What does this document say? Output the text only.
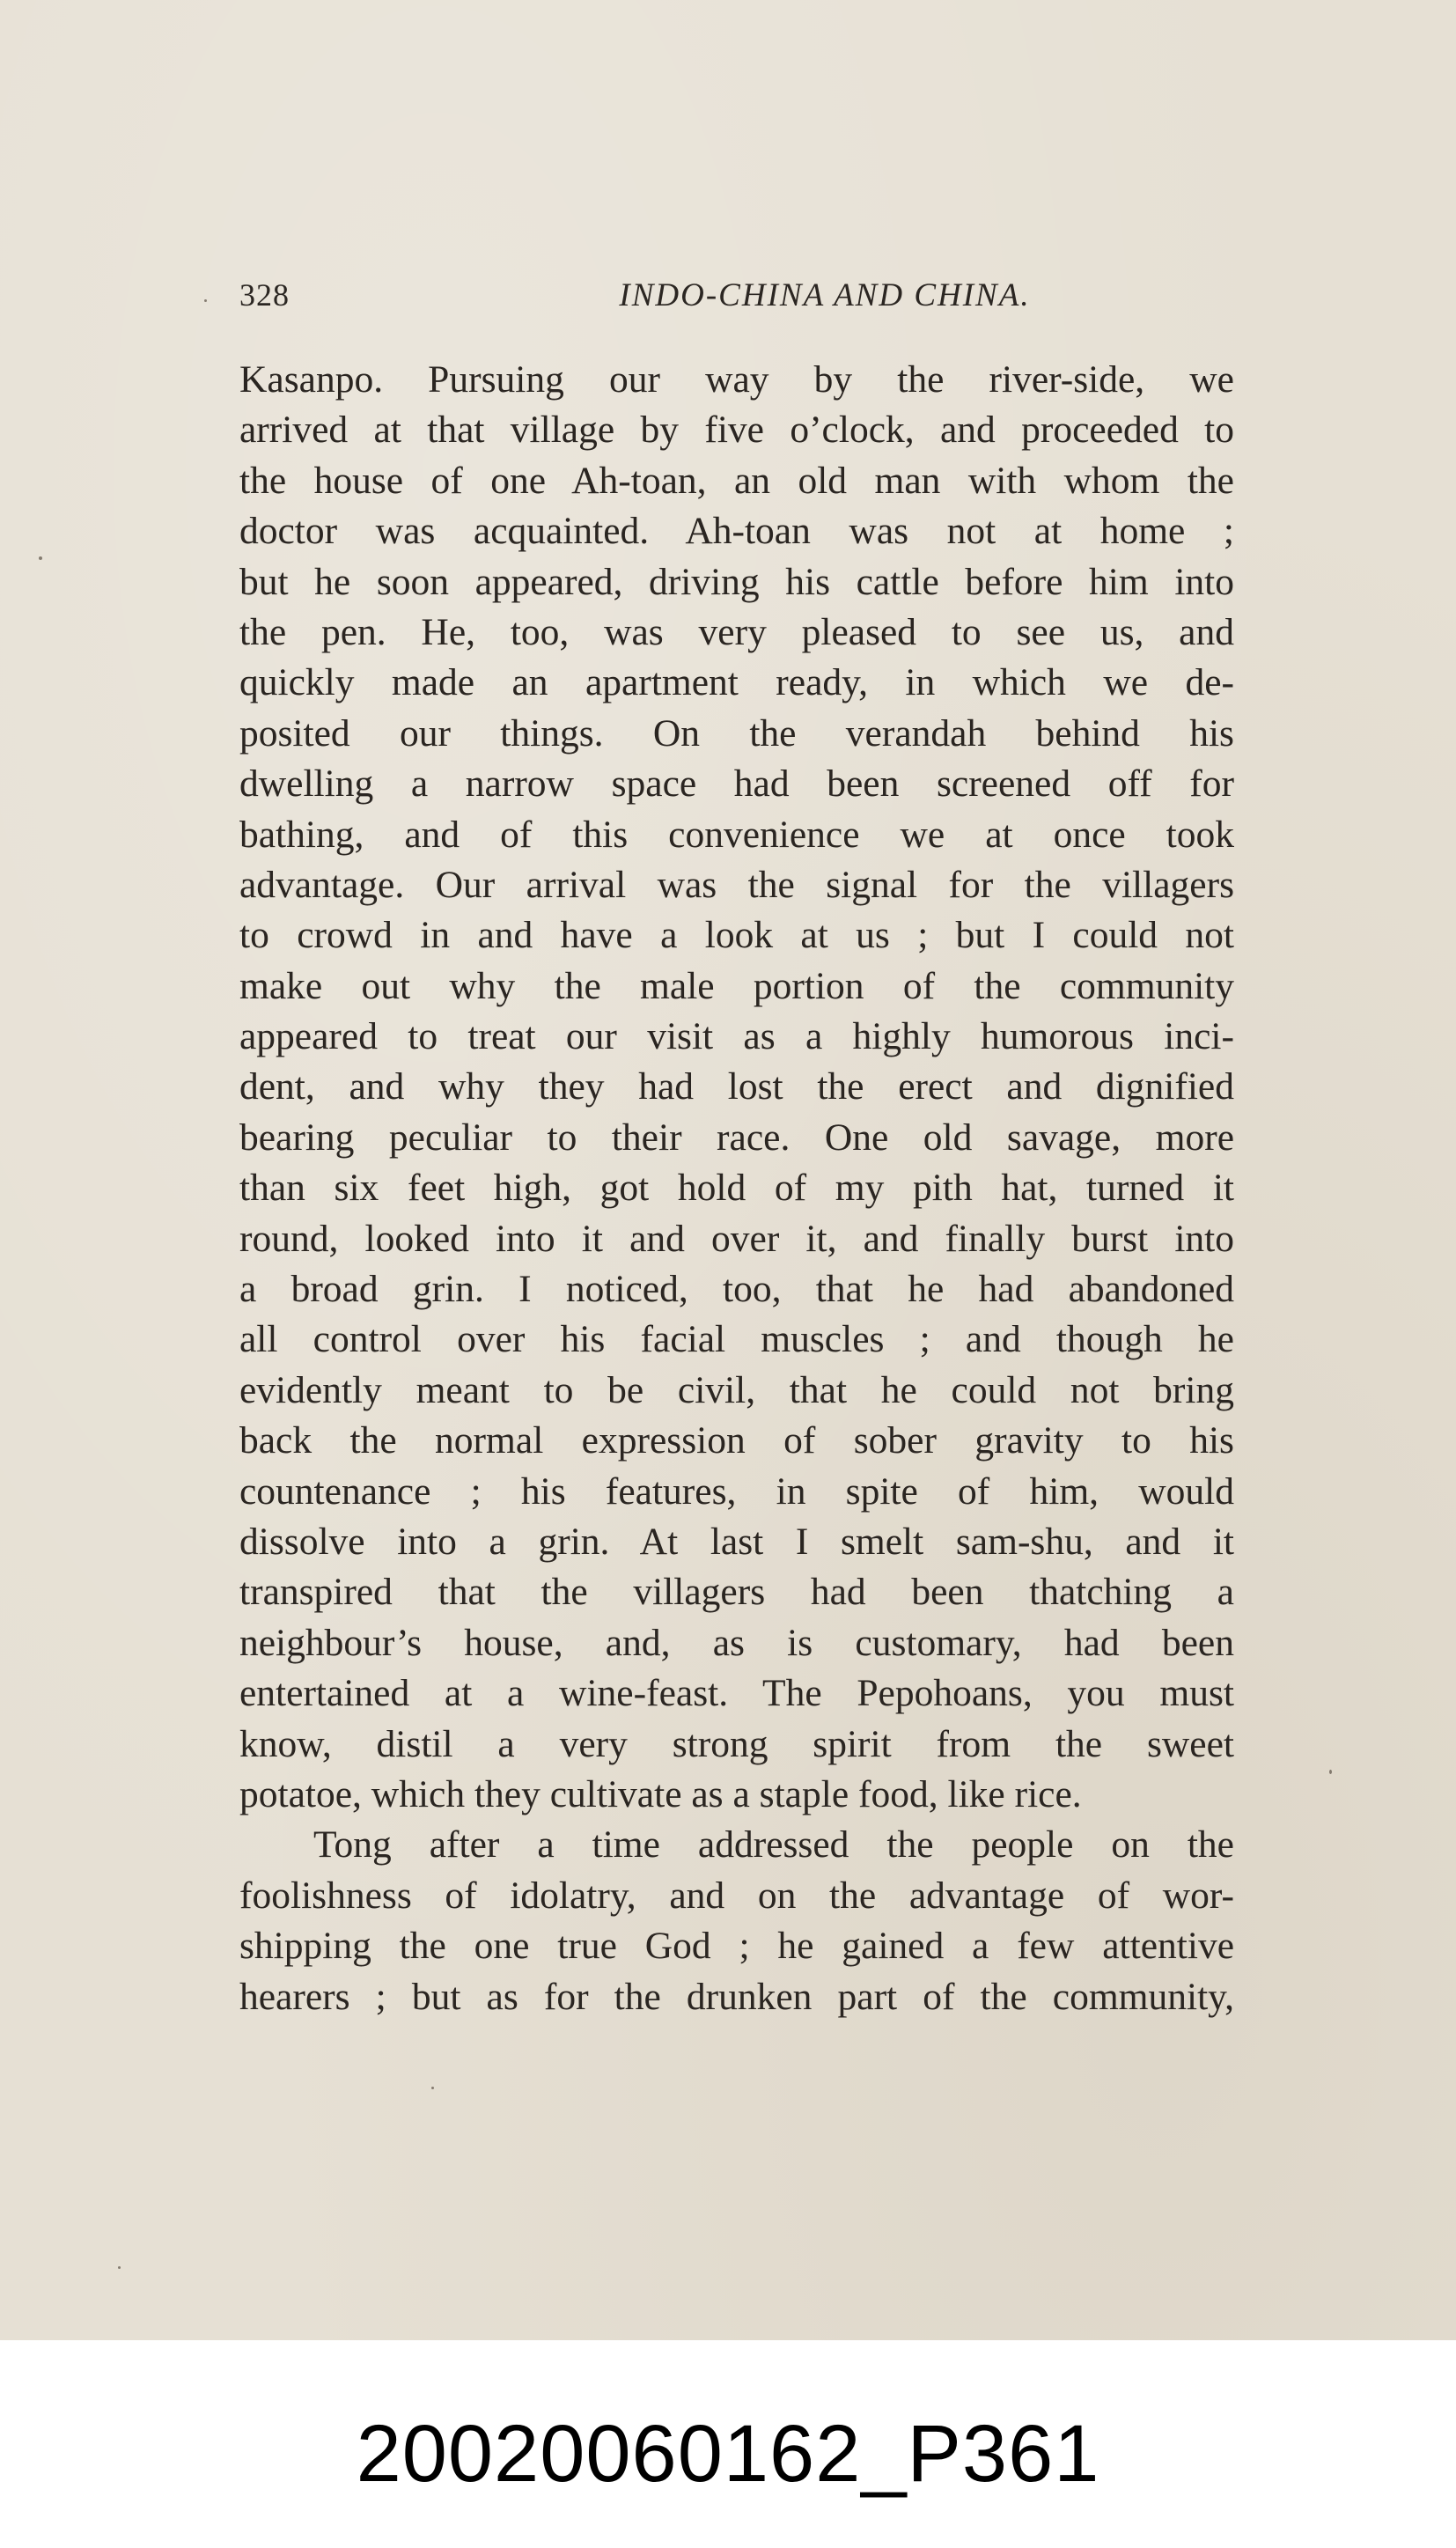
328	INDO-CHINA AND CHINA.
Kasanpo. Pursuing our way by the river-side, we
arrived at that village by five o’clock, and proceeded to
the house of one Ah-toan, an old man with whom the
doctor was acquainted. Ah-toan was not at home ;
but he soon appeared, driving his cattle before him into
the pen. He, too, was very pleased to see us, and
quickly made an apartment ready, in which we de-
posited our things. On the verandah behind his
dwelling a narrow space had been screened off for
bathing, and of this convenience we at once took
advantage. Our arrival was the signal for the villagers
to crowd in and have a look at us ; but I could not
make out why the male portion of the community
appeared to treat our visit as a highly humorous inci-
dent, and why they had lost the erect and dignified
bearing peculiar to their race. One old savage, more
than six feet high, got hold of my pith hat, turned it
round, looked into it and over it, and finally burst into
a broad grin. I noticed, too, that he had abandoned
all control over his facial muscles ; and though he
evidently meant to be civil, that he could not bring
back the normal expression of sober gravity to his
countenance ; his features, in spite of him, would
dissolve into a grin. At last I smelt sam-shu, and it
transpired that the villagers had been thatching a
neighbour’s house, and, as is customary, had been
entertained at a wine-feast. The Pepohoans, you must
know, distil a very strong spirit from the sweet
potatoe, which they cultivate as a staple food, like rice.
Tong after a time addressed the people on the
foolishness of idolatry, and on the advantage of wor-
shipping the one true God ; he gained a few attentive
hearers ; but as for the drunken part of the community,
20020060162_P361
